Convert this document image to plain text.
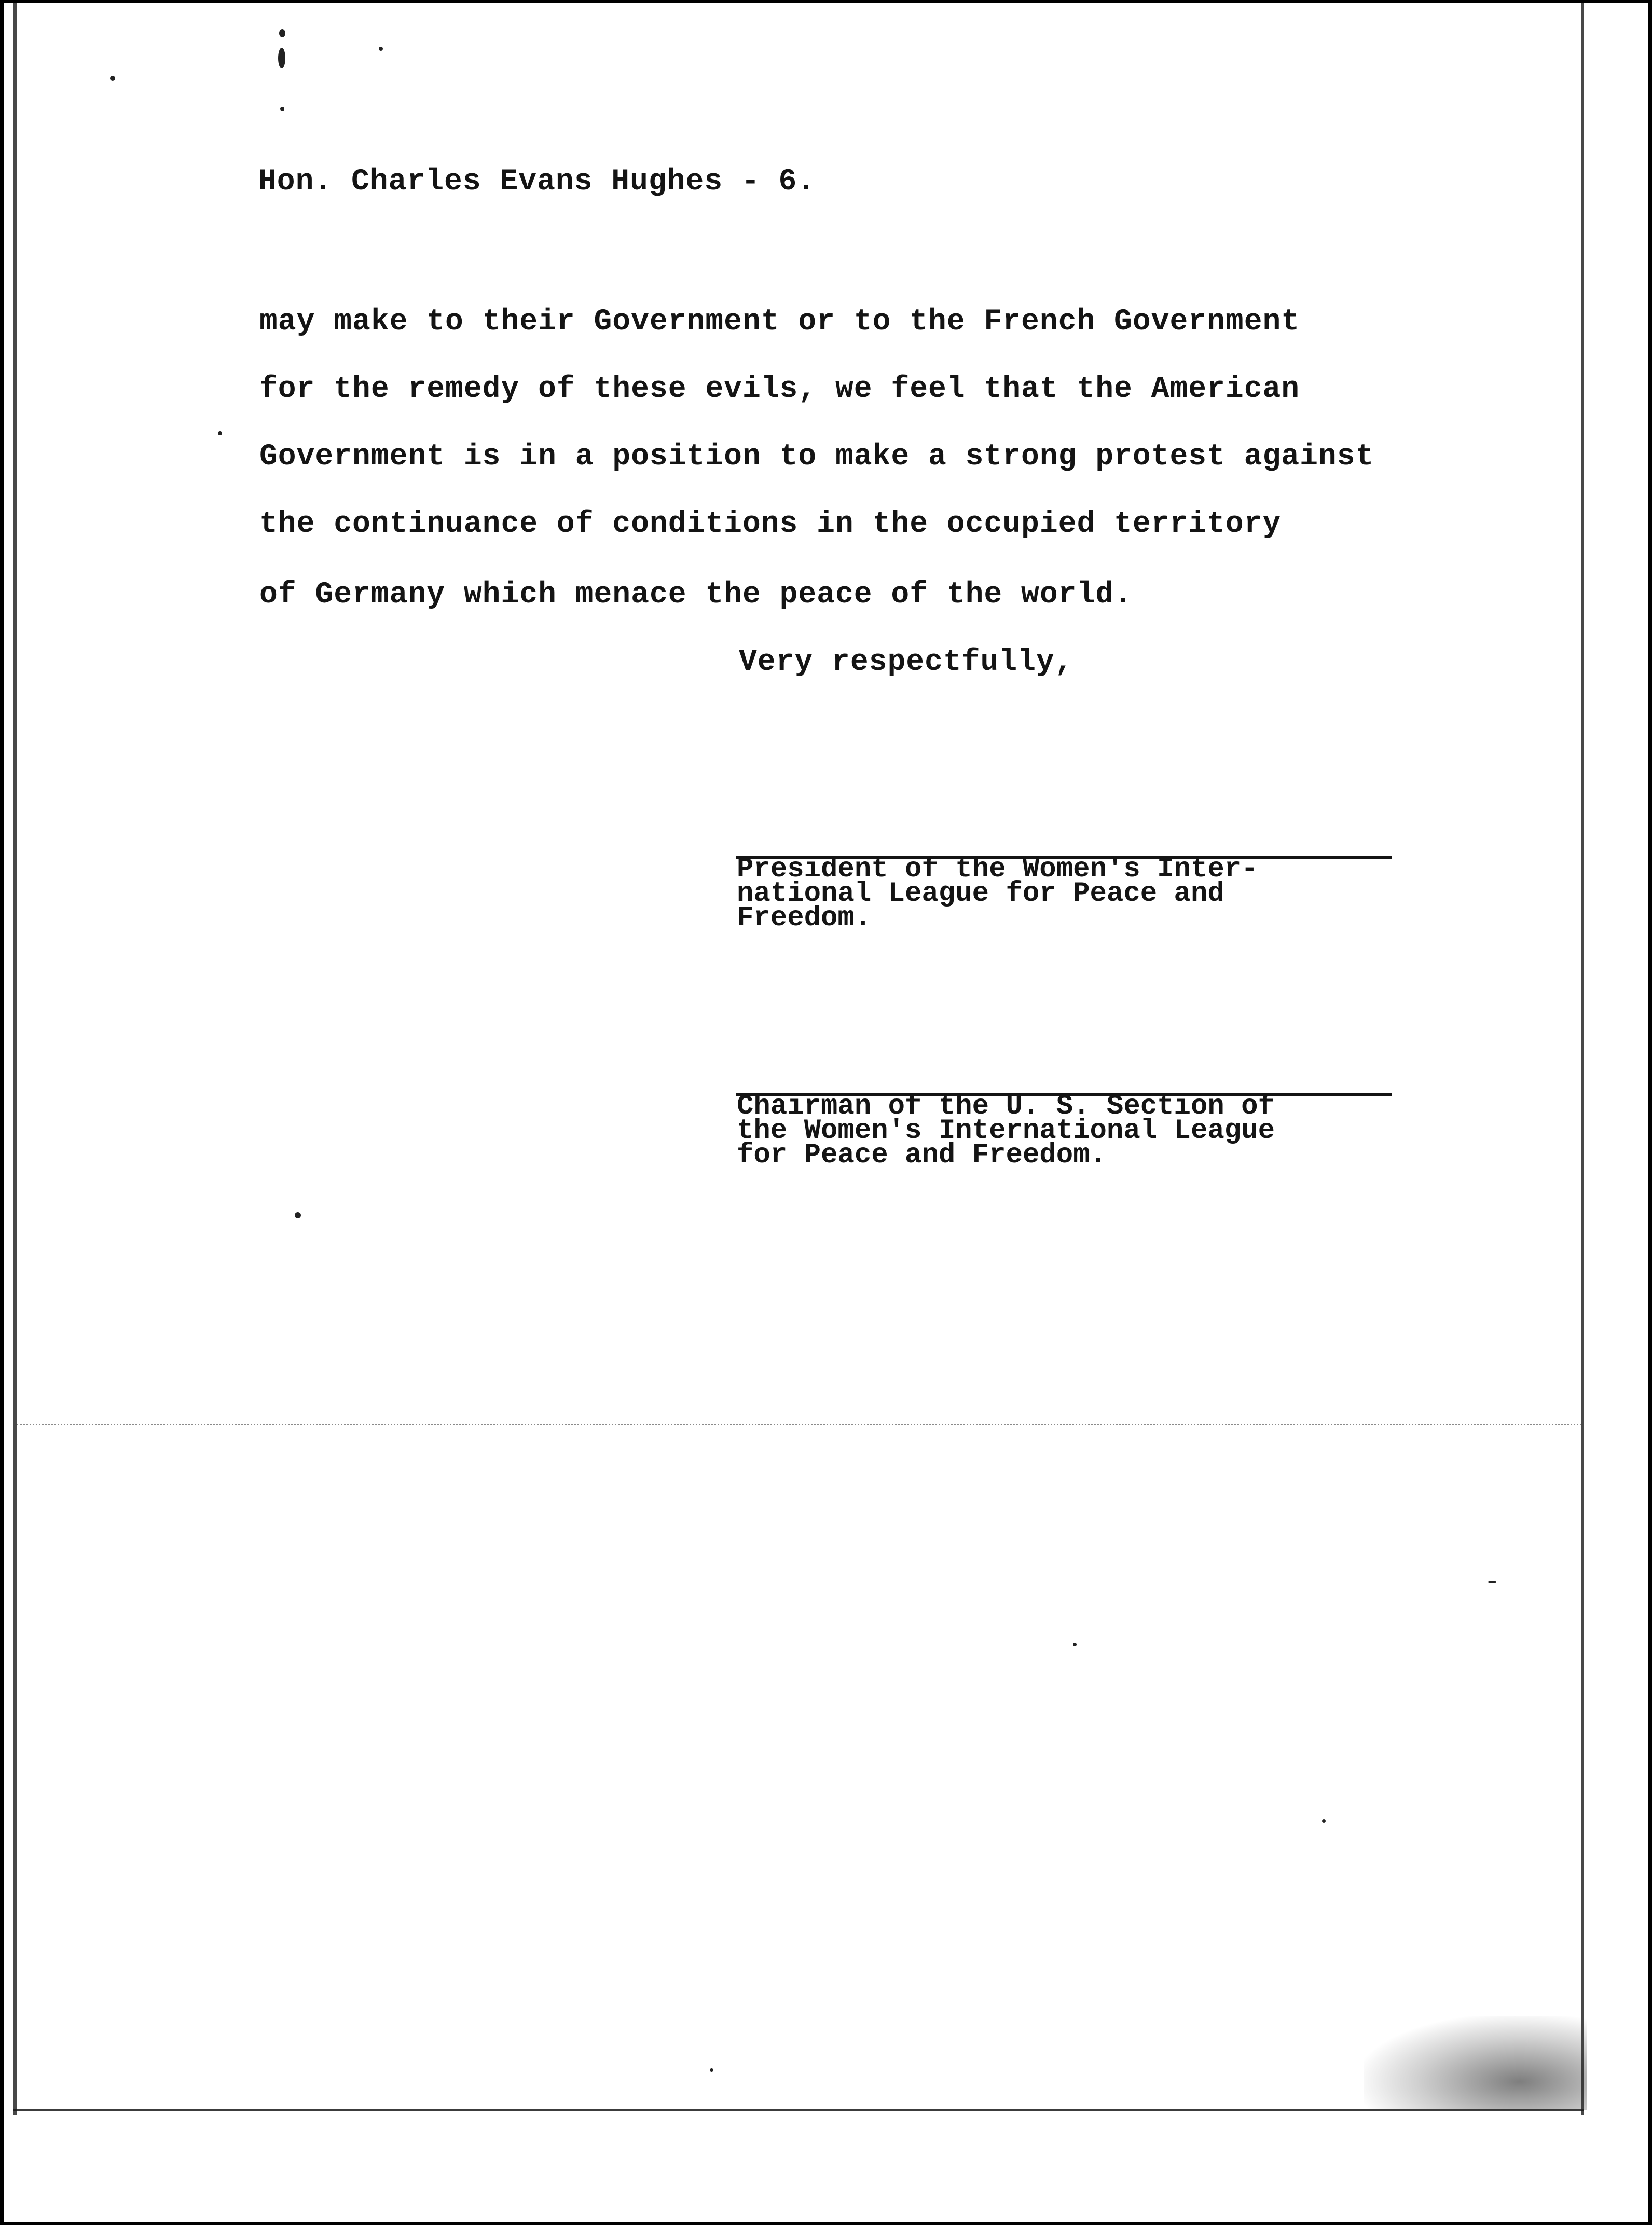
Hon. Charles Evans Hughes - 6.
may make to their Government or to the French Government
for the remedy of these evils, we feel that the American
Government is in a position to make a strong protest against
the continuance of conditions in the occupied territory
of Germany which menace the peace of the world.
Very respectfully,
President of the Women's Inter-
national League for Peace and
Freedom.
Chairman of the U. S. Section of
the Women's International League
for Peace and Freedom.
